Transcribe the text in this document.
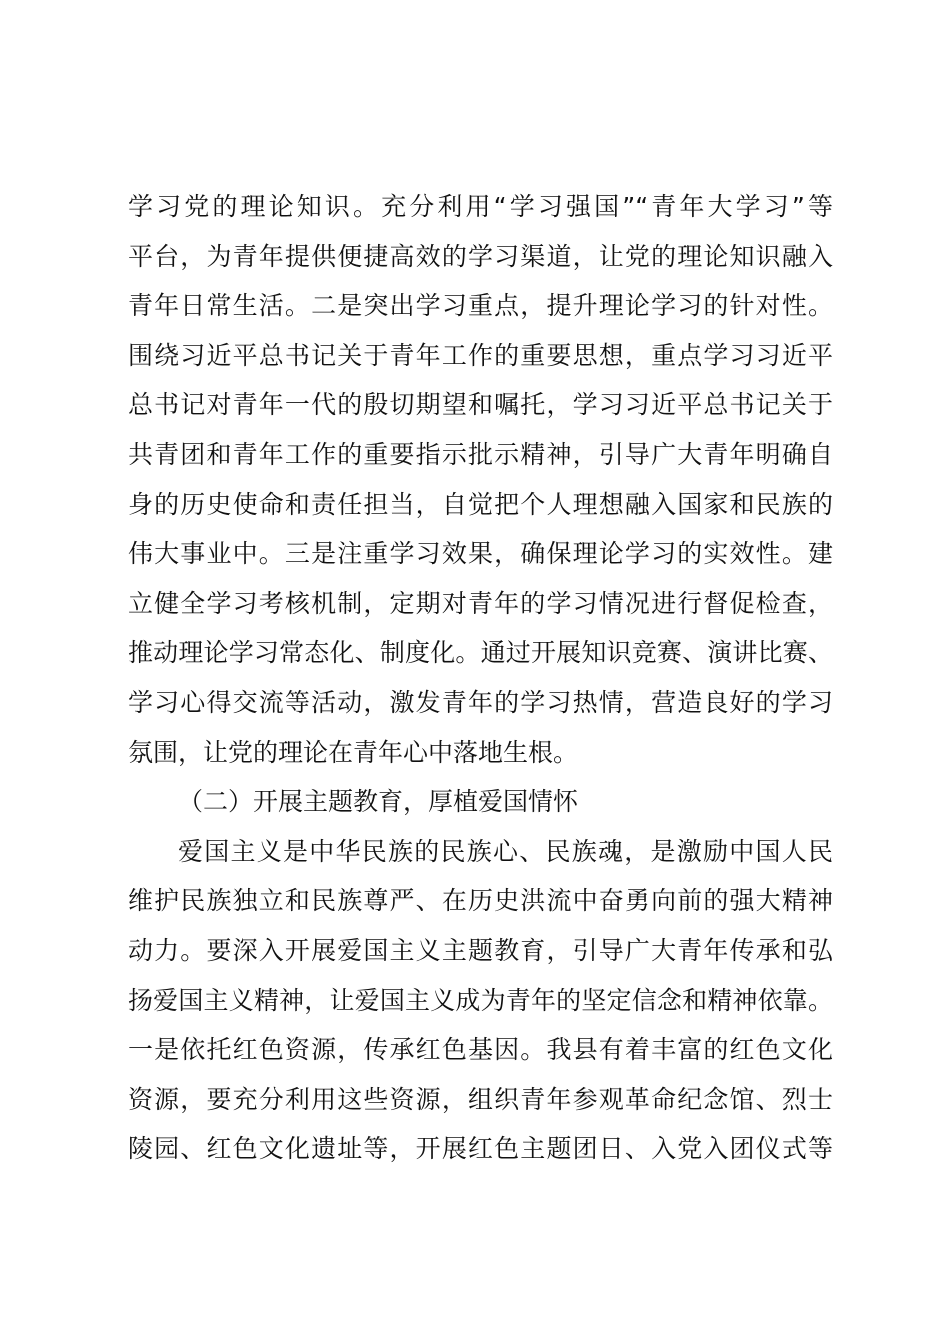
学习党的理论知识。充分利用“学习强国”“青年大学习”等
平台，为青年提供便捷高效的学习渠道，让党的理论知识融入
青年日常生活。二是突出学习重点，提升理论学习的针对性。
围绕习近平总书记关于青年工作的重要思想，重点学习习近平
总书记对青年一代的殷切期望和嘱托，学习习近平总书记关于
共青团和青年工作的重要指示批示精神，引导广大青年明确自
身的历史使命和责任担当，自觉把个人理想融入国家和民族的
伟大事业中。三是注重学习效果，确保理论学习的实效性。建
立健全学习考核机制，定期对青年的学习情况进行督促检查，
推动理论学习常态化、制度化。通过开展知识竞赛、演讲比赛、
学习心得交流等活动，激发青年的学习热情，营造良好的学习
氛围，让党的理论在青年心中落地生根。
（二）开展主题教育，厚植爱国情怀
爱国主义是中华民族的民族心、民族魂，是激励中国人民
维护民族独立和民族尊严、在历史洪流中奋勇向前的强大精神
动力。要深入开展爱国主义主题教育，引导广大青年传承和弘
扬爱国主义精神，让爱国主义成为青年的坚定信念和精神依靠。
一是依托红色资源，传承红色基因。我县有着丰富的红色文化
资源，要充分利用这些资源，组织青年参观革命纪念馆、烈士
陵园、红色文化遗址等，开展红色主题团日、入党入团仪式等
